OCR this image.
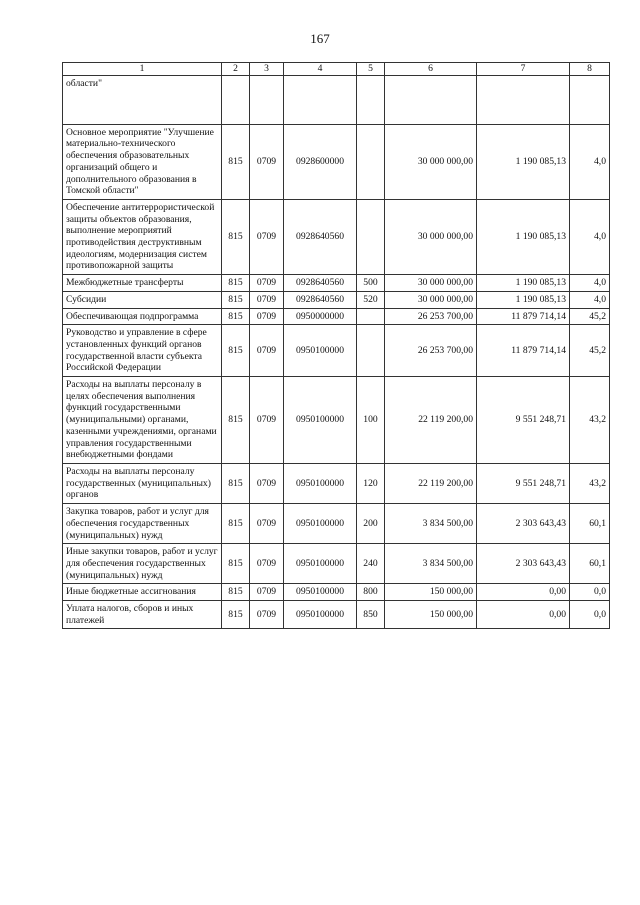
167
1	2	3	4	5	6	7	8
области"							
Основное мероприятие "Улучшение материально-технического обеспечения образовательных организаций общего и дополнительного образования в Томской области"	815	0709	0928600000		30 000 000,00	1 190 085,13	4,0
Обеспечение антитеррористической защиты объектов образования, выполнение мероприятий противодействия деструктивным идеологиям, модернизация систем противопожарной защиты	815	0709	0928640560		30 000 000,00	1 190 085,13	4,0
Межбюджетные трансферты	815	0709	0928640560	500	30 000 000,00	1 190 085,13	4,0
Субсидии	815	0709	0928640560	520	30 000 000,00	1 190 085,13	4,0
Обеспечивающая подпрограмма	815	0709	0950000000		26 253 700,00	11 879 714,14	45,2
Руководство и управление в сфере установленных функций органов государственной власти субъекта Российской Федерации	815	0709	0950100000		26 253 700,00	11 879 714,14	45,2
Расходы на выплаты персоналу в целях обеспечения выполнения функций государственными (муниципальными) органами, казенными учреждениями, органами управления государственными внебюджетными фондами	815	0709	0950100000	100	22 119 200,00	9 551 248,71	43,2
Расходы на выплаты персоналу государственных (муниципальных) органов	815	0709	0950100000	120	22 119 200,00	9 551 248,71	43,2
Закупка товаров, работ и услуг для обеспечения государственных (муниципальных) нужд	815	0709	0950100000	200	3 834 500,00	2 303 643,43	60,1
Иные закупки товаров, работ и услуг для обеспечения государственных (муниципальных) нужд	815	0709	0950100000	240	3 834 500,00	2 303 643,43	60,1
Иные бюджетные ассигнования	815	0709	0950100000	800	150 000,00	0,00	0,0
Уплата налогов, сборов и иных платежей	815	0709	0950100000	850	150 000,00	0,00	0,0
